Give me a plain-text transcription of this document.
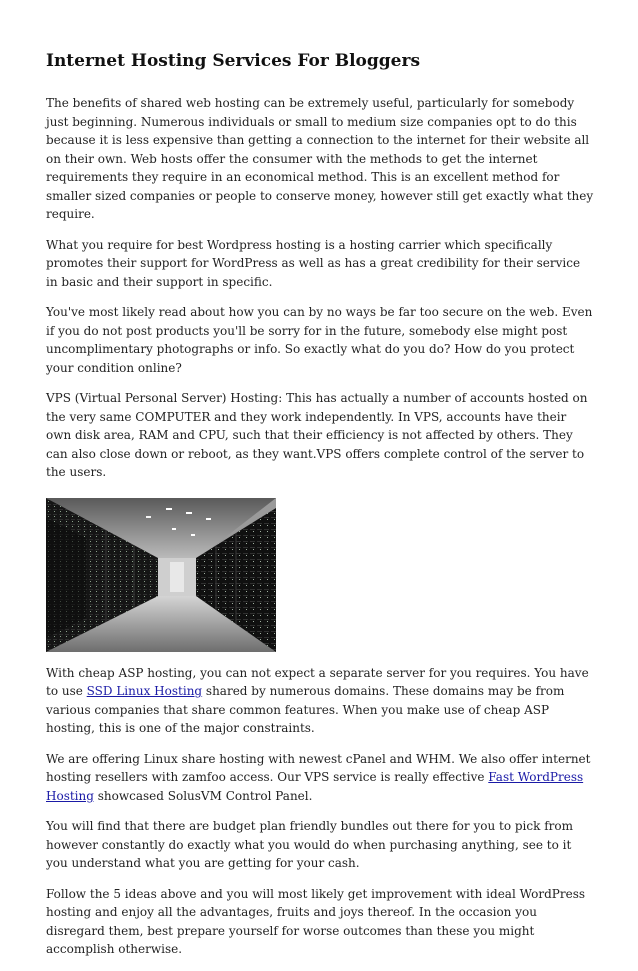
Internet Hosting Services For Bloggers

The benefits of shared web hosting can be extremely useful, particularly for somebody just beginning. Numerous individuals or small to medium size companies opt to do this because it is less expensive than getting a connection to the internet for their website all on their own. Web hosts offer the consumer with the methods to get the internet requirements they require in an economical method. This is an excellent method for smaller sized companies or people to conserve money, however still get exactly what they require.

What you require for best Wordpress hosting is a hosting carrier which specifically promotes their support for WordPress as well as has a great credibility for their service in basic and their support in specific.

You've most likely read about how you can by no ways be far too secure on the web. Even if you do not post products you'll be sorry for in the future, somebody else might post uncomplimentary photographs or info. So exactly what do you do? How do you protect your condition online?

VPS (Virtual Personal Server) Hosting: This has actually a number of accounts hosted on the very same COMPUTER and they work independently. In VPS, accounts have their own disk area, RAM and CPU, such that their efficiency is not affected by others. They can also close down or reboot, as they want.VPS offers complete control of the server to the users.

With cheap ASP hosting, you can not expect a separate server for you requires. You have to use SSD Linux Hosting shared by numerous domains. These domains may be from various companies that share common features. When you make use of cheap ASP hosting, this is one of the major constraints.

We are offering Linux share hosting with newest cPanel and WHM. We also offer internet hosting resellers with zamfoo access. Our VPS service is really effective Fast WordPress Hosting showcased SolusVM Control Panel.

You will find that there are budget plan friendly bundles out there for you to pick from however constantly do exactly what you would do when purchasing anything, see to it you understand what you are getting for your cash.

Follow the 5 ideas above and you will most likely get improvement with ideal WordPress hosting and enjoy all the advantages, fruits and joys thereof. In the occasion you disregard them, best prepare yourself for worse outcomes than these you might accomplish otherwise.
